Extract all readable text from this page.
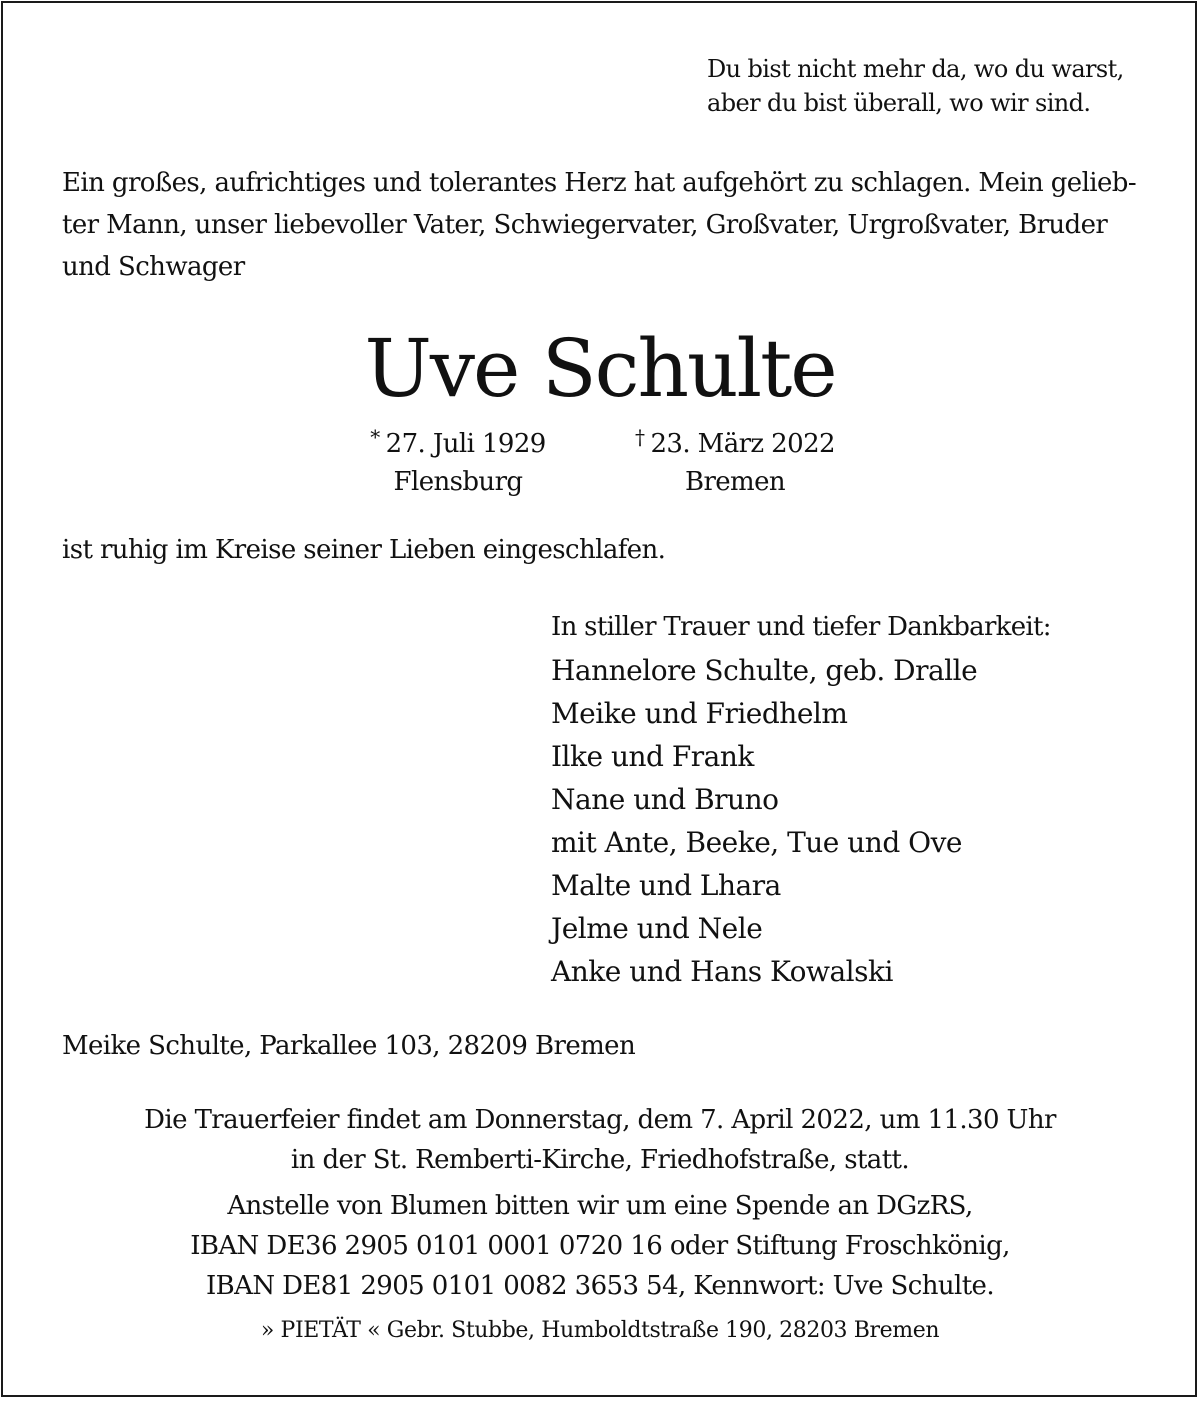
Du bist nicht mehr da, wo du warst,
aber du bist überall, wo wir sind.
Ein großes, aufrichtiges und tolerantes Herz hat aufgehört zu schlagen. Mein gelieb-
ter Mann, unser liebevoller Vater, Schwiegervater, Großvater, Urgroßvater, Bruder
und Schwager
Uve Schulte
* 27. Juli 1929
Flensburg
† 23. März 2022
Bremen
ist ruhig im Kreise seiner Lieben eingeschlafen.
In stiller Trauer und tiefer Dankbarkeit:
Hannelore Schulte, geb. Dralle
Meike und Friedhelm
Ilke und Frank
Nane und Bruno
mit Ante, Beeke, Tue und Ove
Malte und Lhara
Jelme und Nele
Anke und Hans Kowalski
Meike Schulte, Parkallee 103, 28209 Bremen
Die Trauerfeier findet am Donnerstag, dem 7. April 2022, um 11.30 Uhr
in der St. Remberti-Kirche, Friedhofstraße, statt.
Anstelle von Blumen bitten wir um eine Spende an DGzRS,
IBAN DE36 2905 0101 0001 0720 16 oder Stiftung Froschkönig,
IBAN DE81 2905 0101 0082 3653 54, Kennwort: Uve Schulte.
» PIETÄT « Gebr. Stubbe, Humboldtstraße 190, 28203 Bremen
